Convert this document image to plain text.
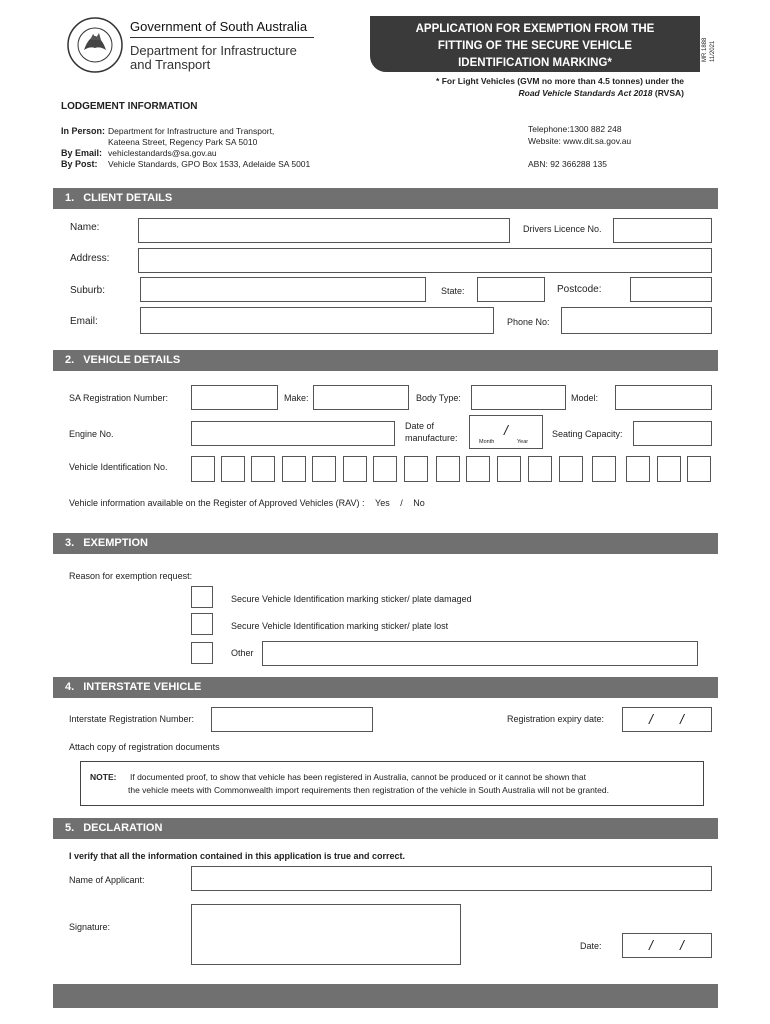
Government of South Australia
Department for Infrastructure
and Transport
APPLICATION FOR EXEMPTION FROM THE
FITTING OF THE SECURE VEHICLE
IDENTIFICATION MARKING*
MR 1888 11/2021
* For Light Vehicles (GVM no more than 4.5 tonnes) under the
Road Vehicle Standards Act 2018 (RVSA)
LODGEMENT INFORMATION
In Person: Department for Infrastructure and Transport,
Kateena Street, Regency Park SA 5010
By Email: vehiclestandards@sa.gov.au
By Post: Vehicle Standards, GPO Box 1533, Adelaide SA 5001
Telephone:1300 882 248
Website: www.dit.sa.gov.au
ABN: 92 366288 135
1. CLIENT DETAILS
Name:	Drivers Licence No.
Address:
Suburb:	State:	Postcode:
Email:	Phone No:
2. VEHICLE DETAILS
SA Registration Number:	Make:	Body Type:	Model:
Engine No.
Date of
manufacture:	/
Month	Year
Seating Capacity:
Vehicle Identification No.
Vehicle information available on the Register of Approved Vehicles (RAV) : Yes / No
3. EXEMPTION
Reason for exemption request:
Secure Vehicle Identification marking sticker/ plate damaged
Secure Vehicle Identification marking sticker/ plate lost
Other
4. INTERSTATE VEHICLE
Interstate Registration Number:	Registration expiry date:	/ /
Attach copy of registration documents
NOTE: If documented proof, to show that vehicle has been registered in Australia, cannot be produced or it cannot be shown that
the vehicle meets with Commonwealth import requirements then registration of the vehicle in South Australia will not be granted.
5. DECLARATION
I verify that all the information contained in this application is true and correct.
Name of Applicant:
Signature:
Date:	/ /
